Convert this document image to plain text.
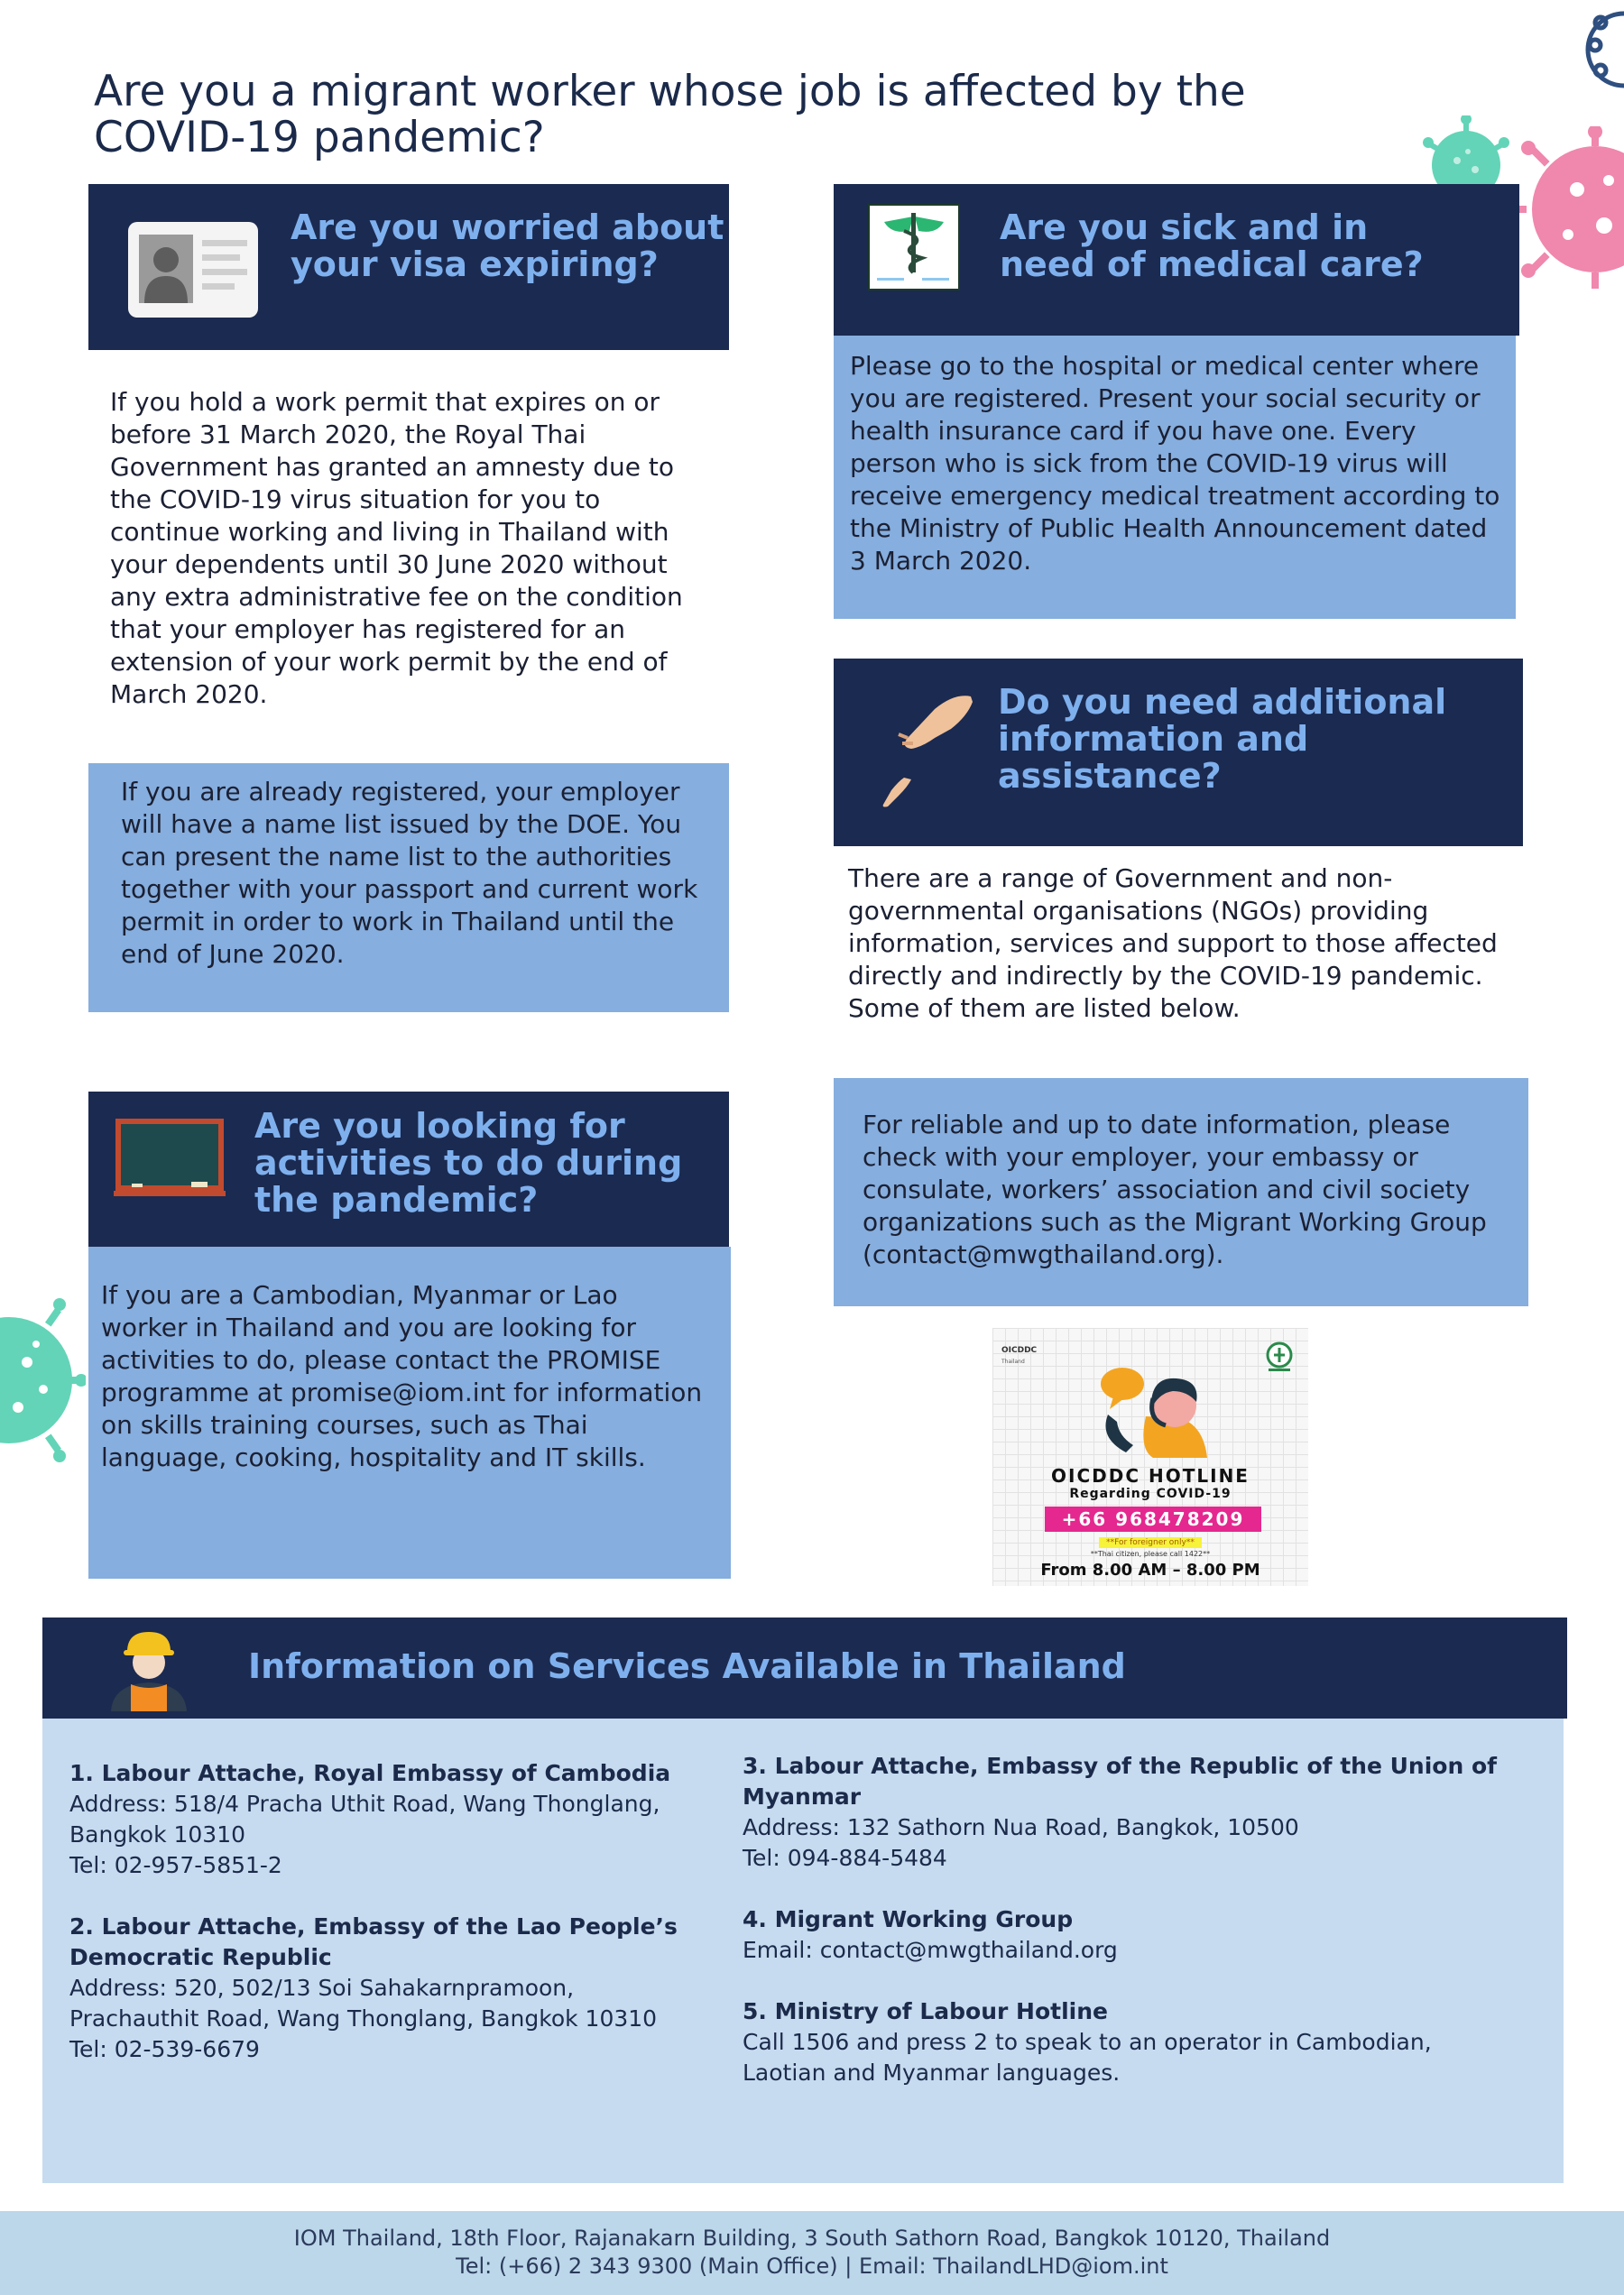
Are you a migrant worker whose job is affected by the COVID-19 pandemic?
Are you worried about your visa expiring?

If you hold a work permit that expires on or before 31 March 2020, the Royal Thai Government has granted an amnesty due to the COVID-19 virus situation for you to continue working and living in Thailand with your dependents until 30 June 2020 without any extra administrative fee on the condition that your employer has registered for an extension of your work permit by the end of March 2020.

If you are already registered, your employer will have a name list issued by the DOE. You can present the name list to the authorities together with your passport and current work permit in order to work in Thailand until the end of June 2020.

Are you sick and in need of medical care?

Please go to the hospital or medical center where you are registered. Present your social security or health insurance card if you have one. Every person who is sick from the COVID-19 virus will receive emergency medical treatment according to the Ministry of Public Health Announcement dated 3 March 2020.

Do you need additional information and assistance?

There are a range of Government and non-governmental organisations (NGOs) providing information, services and support to those affected directly and indirectly by the COVID-19 pandemic. Some of them are listed below.

For reliable and up to date information, please check with your employer, your embassy or consulate, workers’ association and civil society organizations such as the Migrant Working Group (contact@mwgthailand.org).

Are you looking for activities to do during the pandemic?

If you are a Cambodian, Myanmar or Lao worker in Thailand and you are looking for activities to do, please contact the PROMISE programme at promise@iom.int for information on skills training courses, such as Thai language, cooking, hospitality and IT skills.

OICDDC
Thailand
OICDDC HOTLINE
Regarding COVID-19
+66 968478209
**For foreigner only**
**Thai citizen, please call 1422**
From 8.00 AM – 8.00 PM
Information on Services Available in Thailand
1. Labour Attache, Royal Embassy of Cambodia
Address: 518/4 Pracha Uthit Road, Wang Thonglang, Bangkok 10310
Tel: 02-957-5851-2
2. Labour Attache, Embassy of the Lao People’s Democratic Republic
Address: 520, 502/13 Soi Sahakarnpramoon, Prachauthit Road, Wang Thonglang, Bangkok 10310
Tel: 02-539-6679
3. Labour Attache, Embassy of the Republic of the Union of Myanmar
Address: 132 Sathorn Nua Road, Bangkok, 10500
Tel: 094-884-5484
4. Migrant Working Group
Email: contact@mwgthailand.org
5. Ministry of Labour Hotline
Call 1506 and press 2 to speak to an operator in Cambodian, Laotian and Myanmar languages.
IOM Thailand, 18th Floor, Rajanakarn Building, 3 South Sathorn Road, Bangkok 10120, Thailand
Tel: (+66) 2 343 9300 (Main Office) | Email: ThailandLHD@iom.int
